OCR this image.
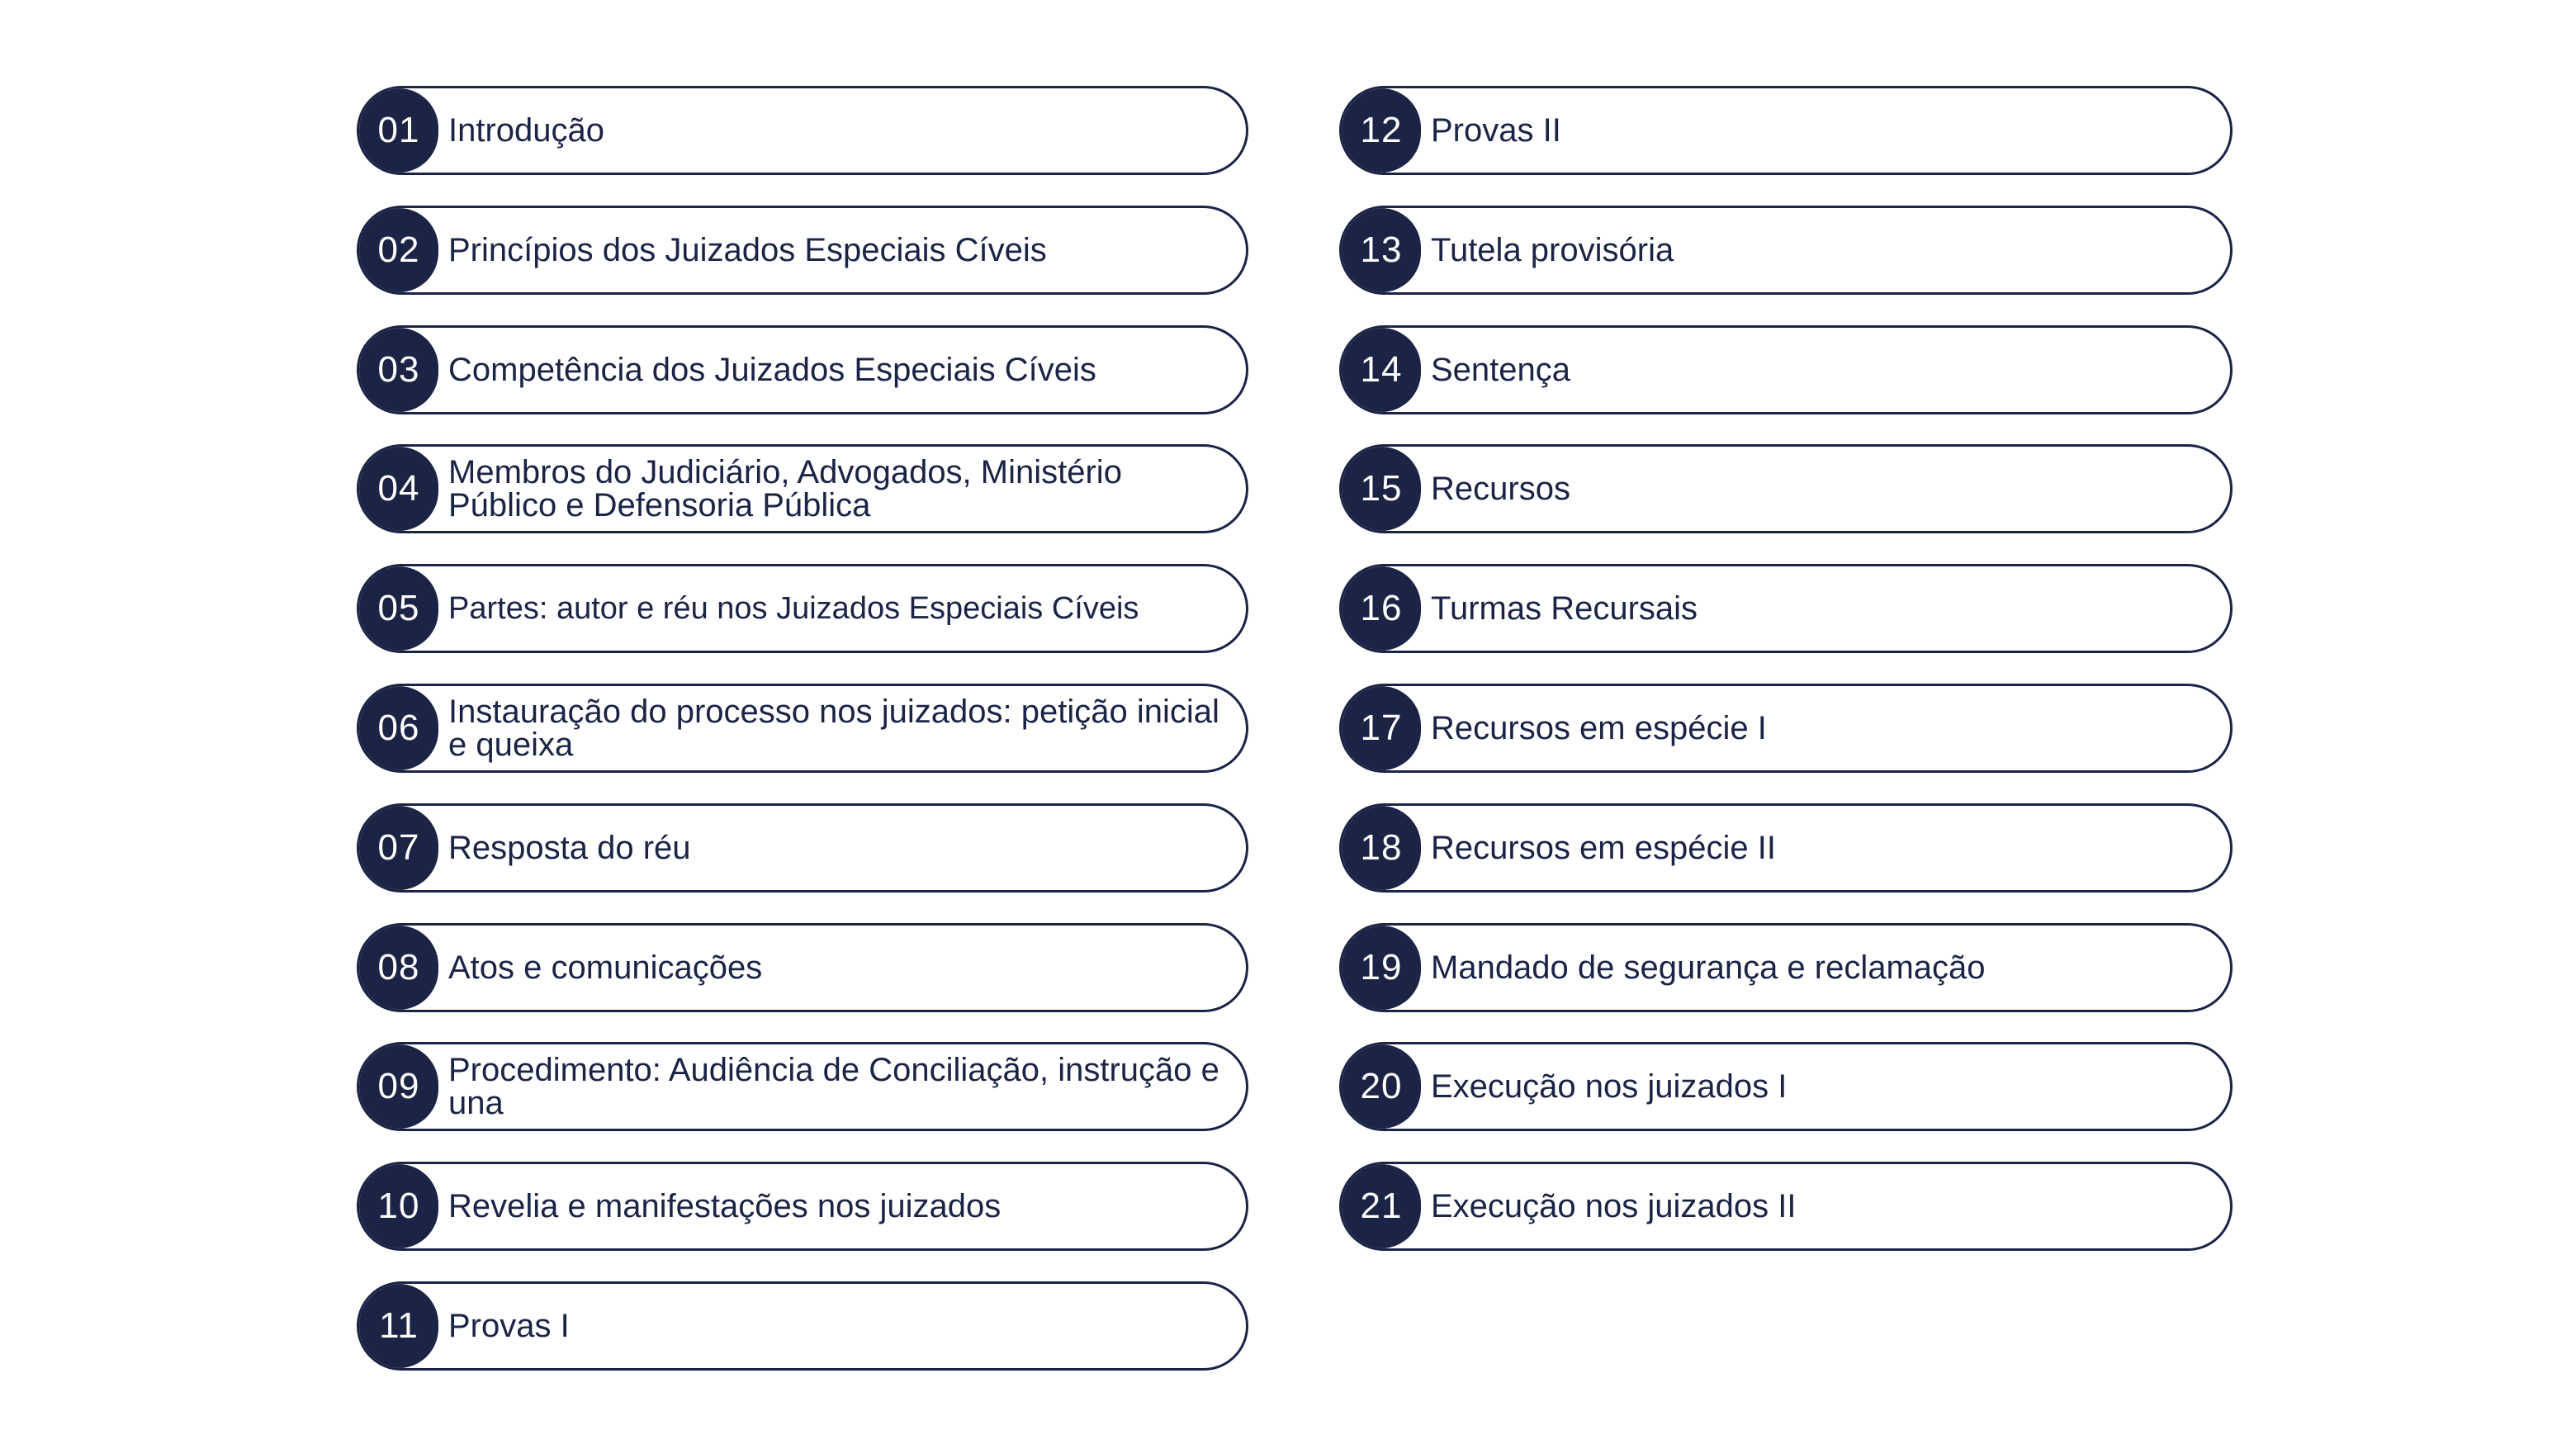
01 Introdução
02 Princípios dos Juizados Especiais Cíveis
03 Competência dos Juizados Especiais Cíveis
04 Membros do Judiciário, Advogados, Ministério Público e Defensoria Pública
05 Partes: autor e réu nos Juizados Especiais Cíveis
06 Instauração do processo nos juizados: petição inicial e queixa
07 Resposta do réu
08 Atos e comunicações
09 Procedimento: Audiência de Conciliação, instrução e una
10 Revelia e manifestações nos juizados
11 Provas I
12 Provas II
13 Tutela provisória
14 Sentença
15 Recursos
16 Turmas Recursais
17 Recursos em espécie I
18 Recursos em espécie II
19 Mandado de segurança e reclamação
20 Execução nos juizados I
21 Execução nos juizados II
